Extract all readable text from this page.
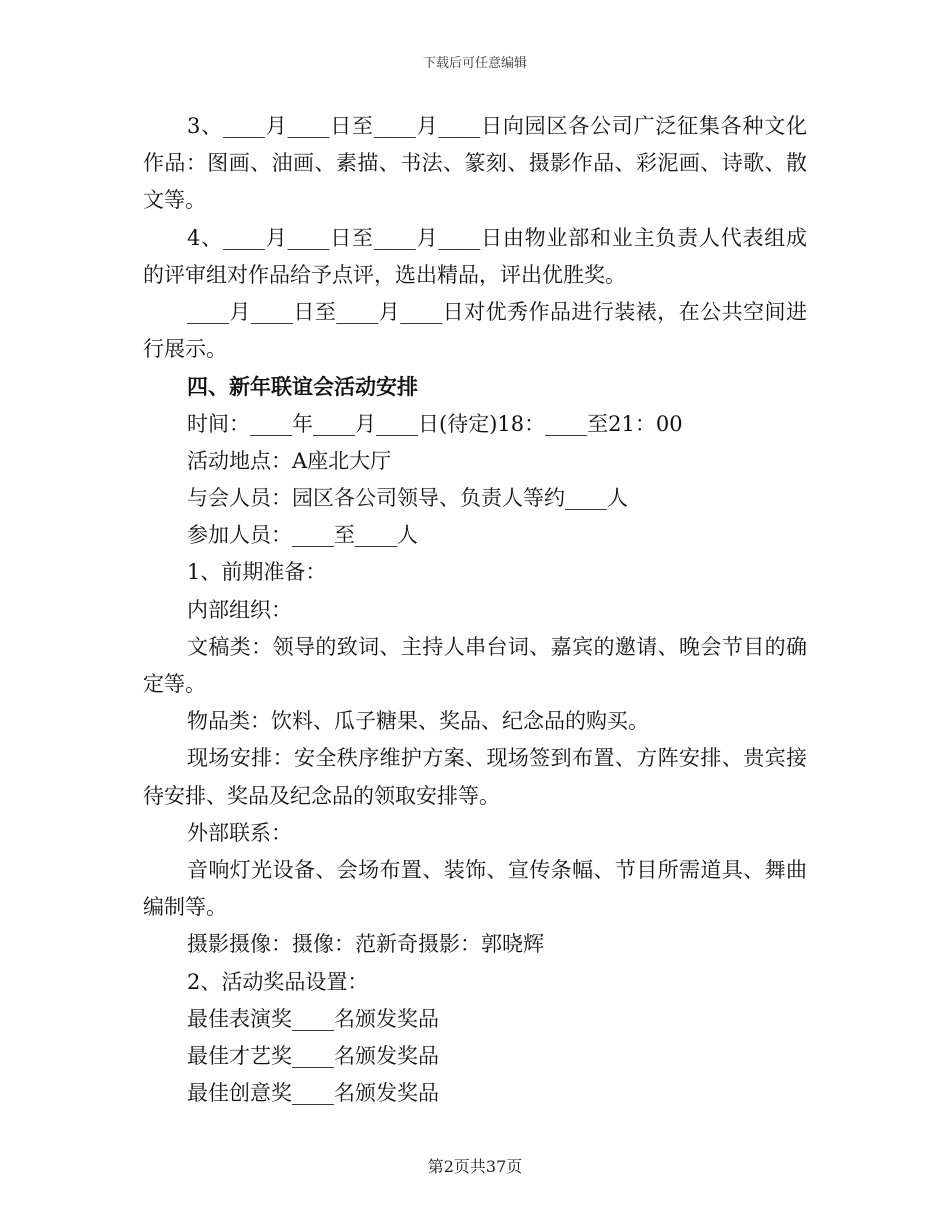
下载后可任意编辑

3、____月____日至____月____日向园区各公司广泛征集各种文化作品：图画、油画、素描、书法、篆刻、摄影作品、彩泥画、诗歌、散文等。

4、____月____日至____月____日由物业部和业主负责人代表组成的评审组对作品给予点评，选出精品，评出优胜奖。

____月____日至____月____日对优秀作品进行装裱，在公共空间进行展示。

四、新年联谊会活动安排

时间：____年____月____日(待定)18：____至21：00

活动地点：A座北大厅

与会人员：园区各公司领导、负责人等约____人

参加人员：____至____人

1、前期准备：

内部组织：

文稿类：领导的致词、主持人串台词、嘉宾的邀请、晚会节目的确定等。

物品类：饮料、瓜子糖果、奖品、纪念品的购买。

现场安排：安全秩序维护方案、现场签到布置、方阵安排、贵宾接待安排、奖品及纪念品的领取安排等。

外部联系：

音响灯光设备、会场布置、装饰、宣传条幅、节目所需道具、舞曲编制等。

摄影摄像：摄像：范新奇摄影：郭晓辉

2、活动奖品设置：

最佳表演奖____名颁发奖品

最佳才艺奖____名颁发奖品

最佳创意奖____名颁发奖品

第2页共37页
